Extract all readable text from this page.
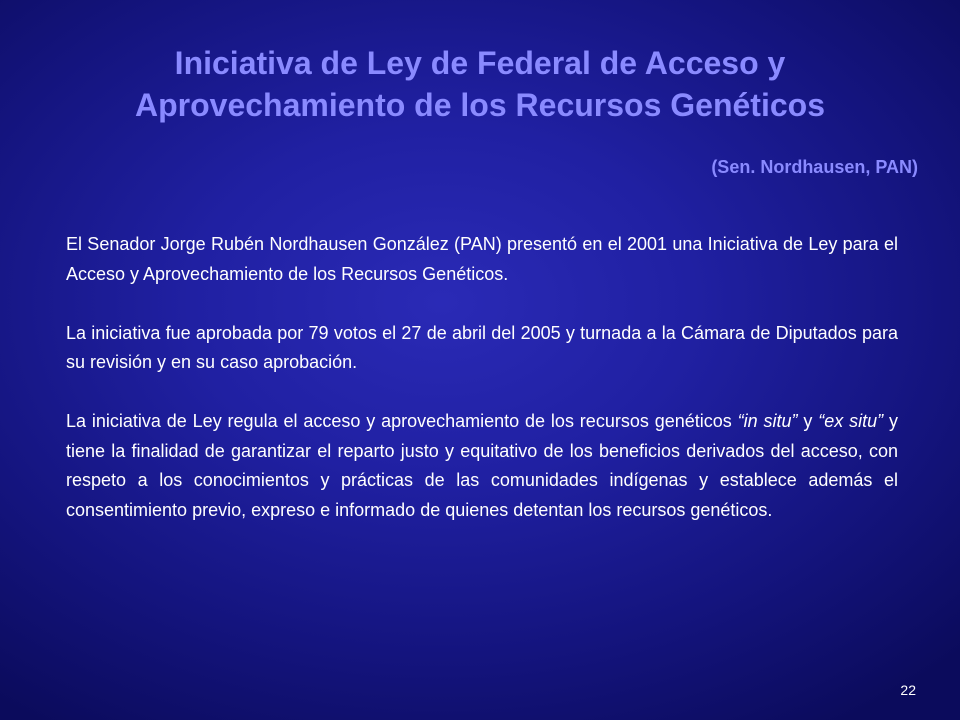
Iniciativa de Ley de Federal de Acceso y
Aprovechamiento de los Recursos Genéticos

(Sen. Nordhausen, PAN)

El Senador Jorge Rubén Nordhausen González (PAN) presentó en el 2001 una Iniciativa de Ley para el Acceso y Aprovechamiento de los Recursos Genéticos.

La iniciativa fue aprobada por 79 votos el 27 de abril del 2005 y turnada a la Cámara de Diputados para su revisión y en su caso aprobación.

La iniciativa de Ley regula el acceso y aprovechamiento de los recursos genéticos “in situ” y “ex situ” y tiene la finalidad de garantizar el reparto justo y equitativo de los beneficios derivados del acceso, con respeto a los conocimientos y prácticas de las comunidades indígenas y establece además el consentimiento previo, expreso e informado de quienes detentan los recursos genéticos.

22
